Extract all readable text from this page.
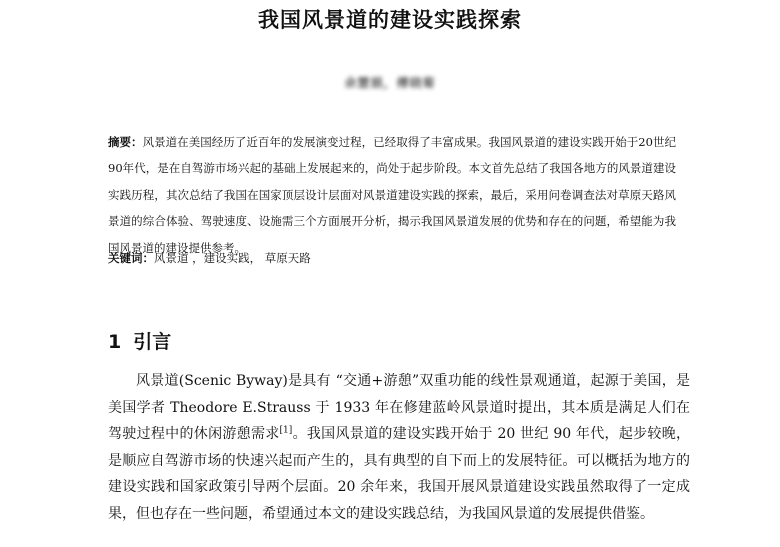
我国风景道的建设实践探索
余慧娟，傅晓菊
摘要：风景道在美国经历了近百年的发展演变过程，已经取得了丰富成果。我国风景道的建设实践开始于20世纪90年代，是在自驾游市场兴起的基础上发展起来的，尚处于起步阶段。本文首先总结了我国各地方的风景道建设实践历程，其次总结了我国在国家顶层设计层面对风景道建设实践的探索，最后，采用问卷调查法对草原天路风景道的综合体验、驾驶速度、设施需三个方面展开分析，揭示我国风景道发展的优势和存在的问题，希望能为我国风景道的建设提供参考。
关键词：风景道 ，建设实践， 草原天路
1 引言
风景道(Scenic Byway)是具有 “交通+游憩”双重功能的线性景观通道，起源于美国，是美国学者 Theodore E.Strauss 于 1933 年在修建蓝岭风景道时提出，其本质是满足人们在驾驶过程中的休闲游憩需求[1]。我国风景道的建设实践开始于 20 世纪 90 年代，起步较晚，是顺应自驾游市场的快速兴起而产生的，具有典型的自下而上的发展特征。可以概括为地方的建设实践和国家政策引导两个层面。20 余年来，我国开展风景道建设实践虽然取得了一定成果，但也存在一些问题，希望通过本文的建设实践总结，为我国风景道的发展提供借鉴。
